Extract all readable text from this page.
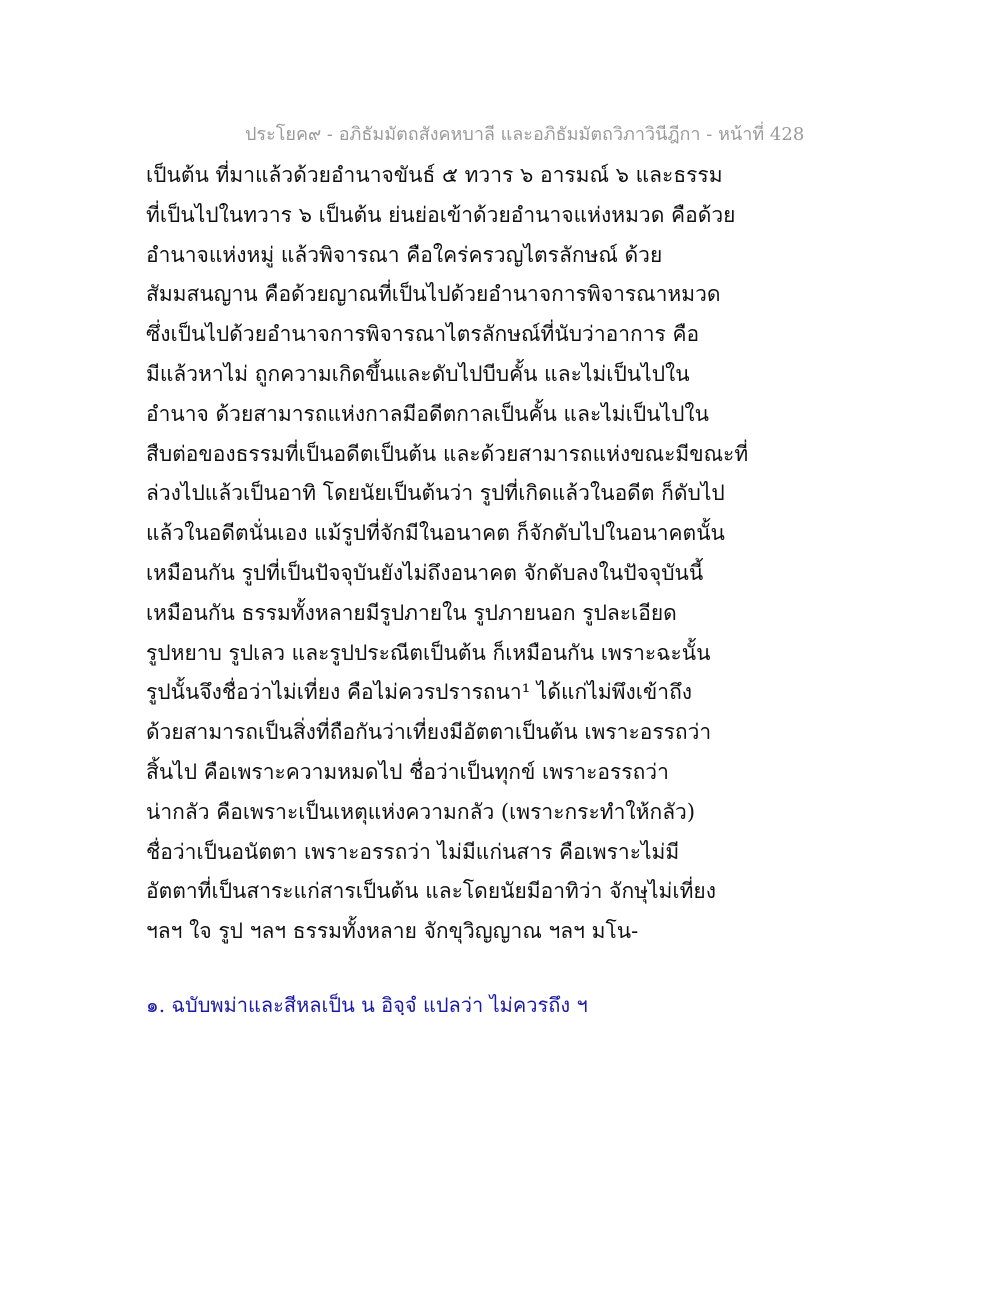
ประโยค๙ - อภิธัมมัตถสังคหบาลี และอภิธัมมัตถวิภาวินีฎีกา - หน้าที่ 428
เป็นต้น ที่มาแล้วด้วยอำนาจขันธ์ ๕ ทวาร ๖ อารมณ์ ๖ และธรรม
ที่เป็นไปในทวาร ๖ เป็นต้น ย่นย่อเข้าด้วยอำนาจแห่งหมวด คือด้วย
อำนาจแห่งหมู่ แล้วพิจารณา คือใคร่ครวญไตรลักษณ์ ด้วย
สัมมสนญาน คือด้วยญาณที่เป็นไปด้วยอำนาจการพิจารณาหมวด
ซึ่งเป็นไปด้วยอำนาจการพิจารณาไตรลักษณ์ที่นับว่าอาการ คือ
มีแล้วหาไม่ ถูกความเกิดขึ้นและดับไปบีบคั้น และไม่เป็นไปใน
อำนาจ ด้วยสามารถแห่งกาลมีอดีตกาลเป็นคั้น และไม่เป็นไปใน
สืบต่อของธรรมที่เป็นอดีตเป็นต้น และด้วยสามารถแห่งขณะมีขณะที่
ล่วงไปแล้วเป็นอาทิ โดยนัยเป็นต้นว่า รูปที่เกิดแล้วในอดีต ก็ดับไป
แล้วในอดีตนั่นเอง แม้รูปที่จักมีในอนาคต ก็จักดับไปในอนาคตนั้น
เหมือนกัน รูปที่เป็นปัจจุบันยังไม่ถึงอนาคต จักดับลงในปัจจุบันนี้
เหมือนกัน ธรรมทั้งหลายมีรูปภายใน รูปภายนอก รูปละเอียด
รูปหยาบ รูปเลว และรูปประณีตเป็นต้น ก็เหมือนกัน เพราะฉะนั้น
รูปนั้นจึงชื่อว่าไม่เที่ยง คือไม่ควรปรารถนา¹ ได้แก่ไม่พึงเข้าถึง
ด้วยสามารถเป็นสิ่งที่ถือกันว่าเที่ยงมีอัตตาเป็นต้น เพราะอรรถว่า
สิ้นไป คือเพราะความหมดไป ชื่อว่าเป็นทุกข์ เพราะอรรถว่า
น่ากลัว คือเพราะเป็นเหตุแห่งความกลัว (เพราะกระทำให้กลัว)
ชื่อว่าเป็นอนัตตา เพราะอรรถว่า ไม่มีแก่นสาร คือเพราะไม่มี
อัตตาที่เป็นสาระแก่สารเป็นต้น และโดยนัยมีอาทิว่า จักษุไม่เที่ยง
ฯลฯ ใจ รูป ฯลฯ ธรรมทั้งหลาย จักขุวิญญาณ ฯลฯ มโน-
๑. ฉบับพม่าและสีหลเป็น น อิจฺจํ แปลว่า ไม่ควรถึง ฯ
